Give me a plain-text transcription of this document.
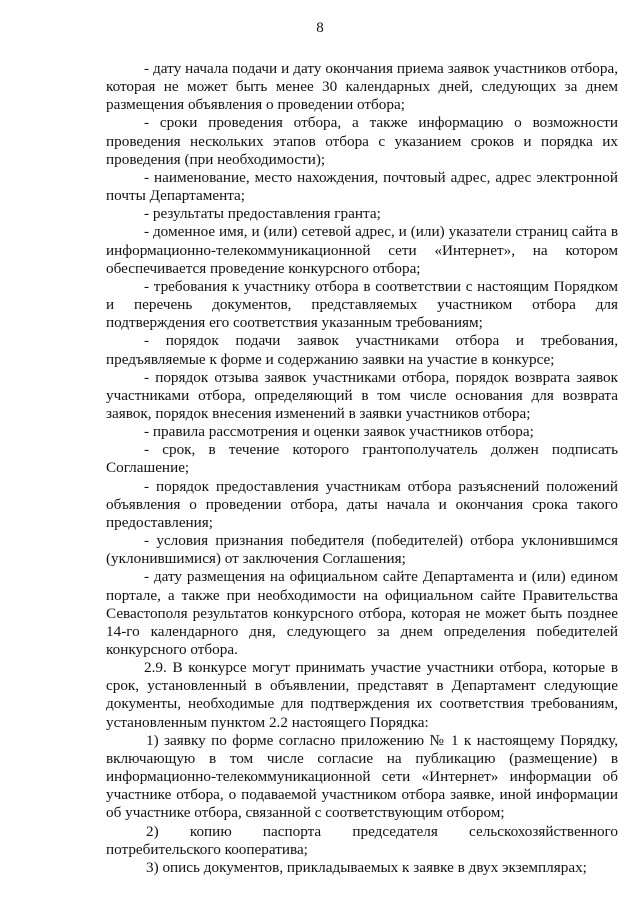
8

- дату начала подачи и дату окончания приема заявок участников отбора, которая не может быть менее 30 календарных дней, следующих за днем размещения объявления о проведении отбора;

- сроки проведения отбора, а также информацию о возможности проведения нескольких этапов отбора с указанием сроков и порядка их проведения (при необходимости);

- наименование, место нахождения, почтовый адрес, адрес электронной почты Департамента;

- результаты предоставления гранта;

- доменное имя, и (или) сетевой адрес, и (или) указатели страниц сайта в информационно-телекоммуникационной сети «Интернет», на котором обеспечивается проведение конкурсного отбора;

- требования к участнику отбора в соответствии с настоящим Порядком и перечень документов, представляемых участником отбора для подтверждения его соответствия указанным требованиям;

- порядок подачи заявок участниками отбора и требования, предъявляемые к форме и содержанию заявки на участие в конкурсе;

- порядок отзыва заявок участниками отбора, порядок возврата заявок участниками отбора, определяющий в том числе основания для возврата заявок, порядок внесения изменений в заявки участников отбора;

- правила рассмотрения и оценки заявок участников отбора;

- срок, в течение которого грантополучатель должен подписать Соглашение;

- порядок предоставления участникам отбора разъяснений положений объявления о проведении отбора, даты начала и окончания срока такого предоставления;

- условия признания победителя (победителей) отбора уклонившимся (уклонившимися) от заключения Соглашения;

- дату размещения на официальном сайте Департамента и (или) едином портале, а также при необходимости на официальном сайте Правительства Севастополя результатов конкурсного отбора, которая не может быть позднее 14-го календарного дня, следующего за днем определения победителей конкурсного отбора.

2.9. В конкурсе могут принимать участие участники отбора, которые в срок, установленный в объявлении, представят в Департамент следующие документы, необходимые для подтверждения их соответствия требованиям, установленным пунктом 2.2 настоящего Порядка:

1) заявку по форме согласно приложению № 1 к настоящему Порядку, включающую в том числе согласие на публикацию (размещение) в информационно-телекоммуникационной сети «Интернет» информации об участнике отбора, о подаваемой участником отбора заявке, иной информации об участнике отбора, связанной с соответствующим отбором;

2) копию паспорта председателя сельскохозяйственного потребительского кооператива;

3) опись документов, прикладываемых к заявке в двух экземплярах;
